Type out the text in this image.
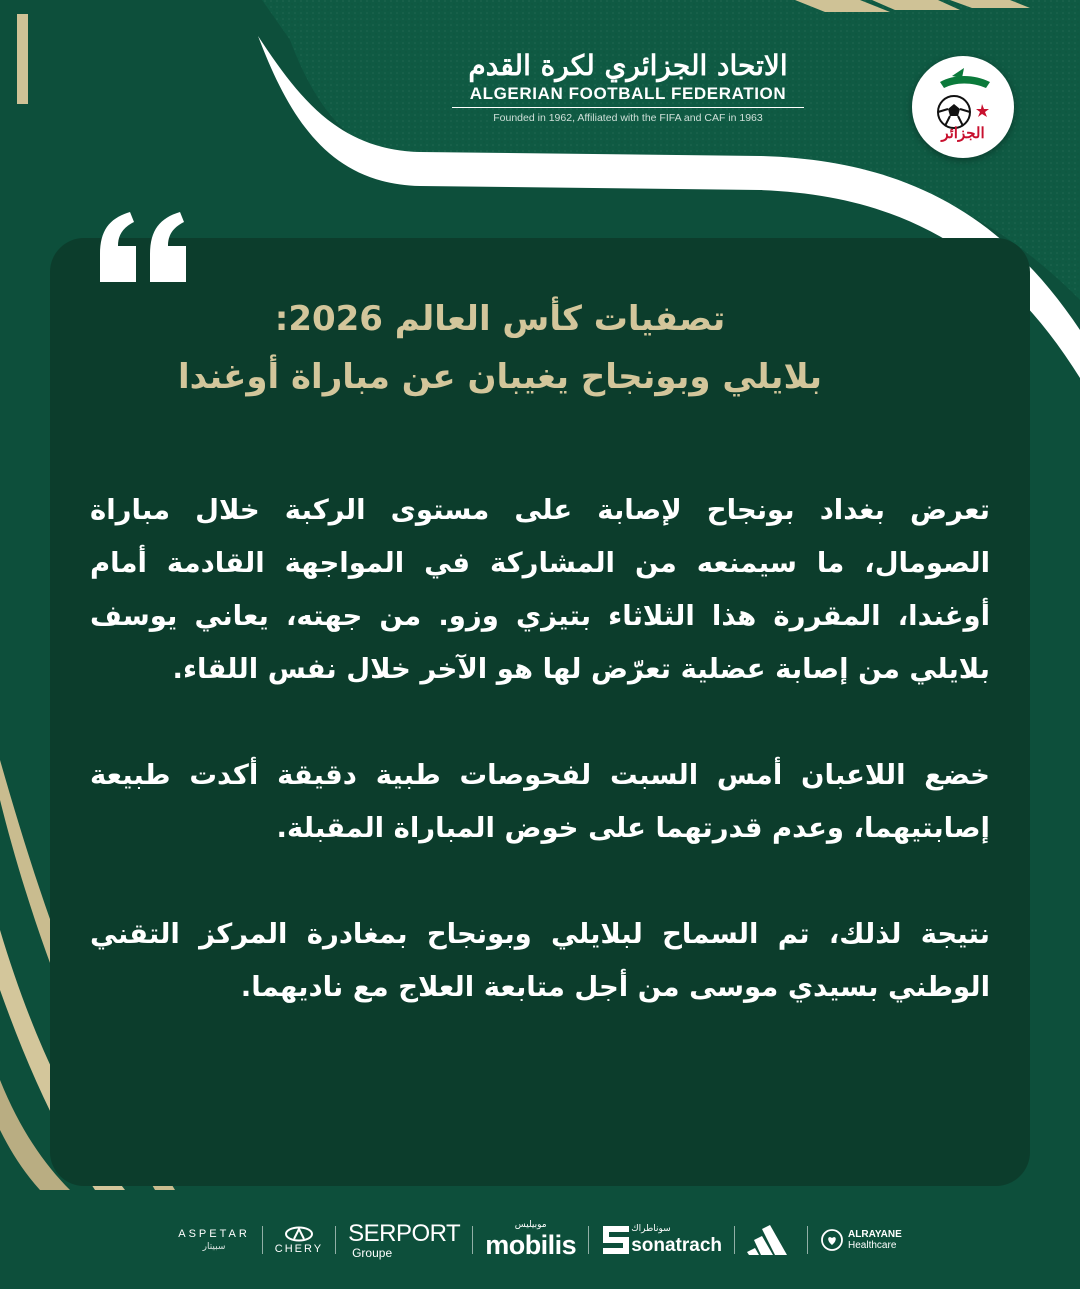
الاتحاد الجزائري لكرة القدم
ALGERIAN FOOTBALL FEDERATION
Founded in 1962, Affiliated with the FIFA and CAF in 1963
الجزائر
تصفيات كأس العالم 2026:
بلايلي وبونجاح يغيبان عن مباراة أوغندا

تعرض بغداد بونجاح لإصابة على مستوى الركبة خلال مباراة الصومال، ما سيمنعه من المشاركة في المواجهة القادمة أمام أوغندا، المقررة هذا الثلاثاء بتيزي وزو. من جهته، يعاني يوسف بلايلي من إصابة عضلية تعرّض لها هو الآخر خلال نفس اللقاء.

خضع اللاعبان أمس السبت لفحوصات طبية دقيقة أكدت طبيعة إصابتيهما، وعدم قدرتهما على خوض المباراة المقبلة.

نتيجة لذلك، تم السماح لبلايلي وبونجاح بمغادرة المركز التقني الوطني بسيدي موسى من أجل متابعة العلاج مع ناديهما.

ASPETAR
سبيتار	CHERY
SERPORT
Groupe
موبيليس
mobilis
سوناطراك
sonatrach
ALRAYANE
Healthcare
